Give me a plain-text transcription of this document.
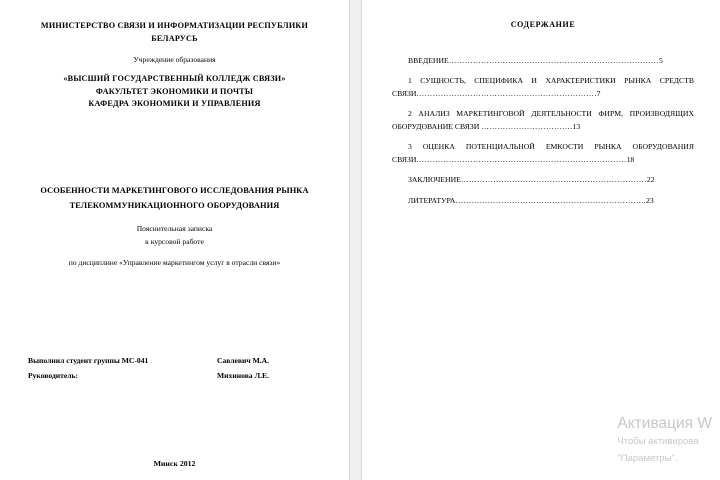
МИНИСТЕРСТВО СВЯЗИ И ИНФОРМАТИЗАЦИИ РЕСПУБЛИКИ
БЕЛАРУСЬ
Учреждение образования
«ВЫСШИЙ ГОСУДАРСТВЕННЫЙ КОЛЛЕДЖ СВЯЗИ»
ФАКУЛЬТЕТ ЭКОНОМИКИ И ПОЧТЫ
КАФЕДРА ЭКОНОМИКИ И УПРАВЛЕНИЯ
ОСОБЕННОСТИ МАРКЕТИНГОВОГО ИССЛЕДОВАНИЯ РЫНКА
ТЕЛЕКОММУНИКАЦИОННОГО ОБОРУДОВАНИЯ
Пояснительная записка
к курсовой работе
по дисциплине «Управление маркетингом услуг в отрасли связи»
Выполнил студент группы МС-041	Савлевич М.А.
Руководитель:	Михинова Л.Е.
Минск 2012
СОДЕРЖАНИЕ
ВВЕДЕНИЕ……………………………………………………………………5
1 СУЩНОСТЬ, СПЕЦИФИКА И ХАРАКТЕРИСТИКИ РЫНКА СРЕДСТВ СВЯЗИ………………………………………………………….7
2 АНАЛИЗ МАРКЕТИНГОВОЙ ДЕЯТЕЛЬНОСТИ ФИРМ, ПРОИЗВОДЯЩИХ ОБОРУДОВАНИЕ СВЯЗИ …………………………….13
3 ОЦЕНКА ПОТЕНЦИАЛЬНОЙ ЕМКОСТИ РЫНКА ОБОРУДОВАНИЯ СВЯЗИ……………………………………………………………………18
ЗАКЛЮЧЕНИЕ……………………………………………………………22
ЛИТЕРАТУРА……………………………………………………………..23
Активация W
Чтобы активирова
"Параметры".
